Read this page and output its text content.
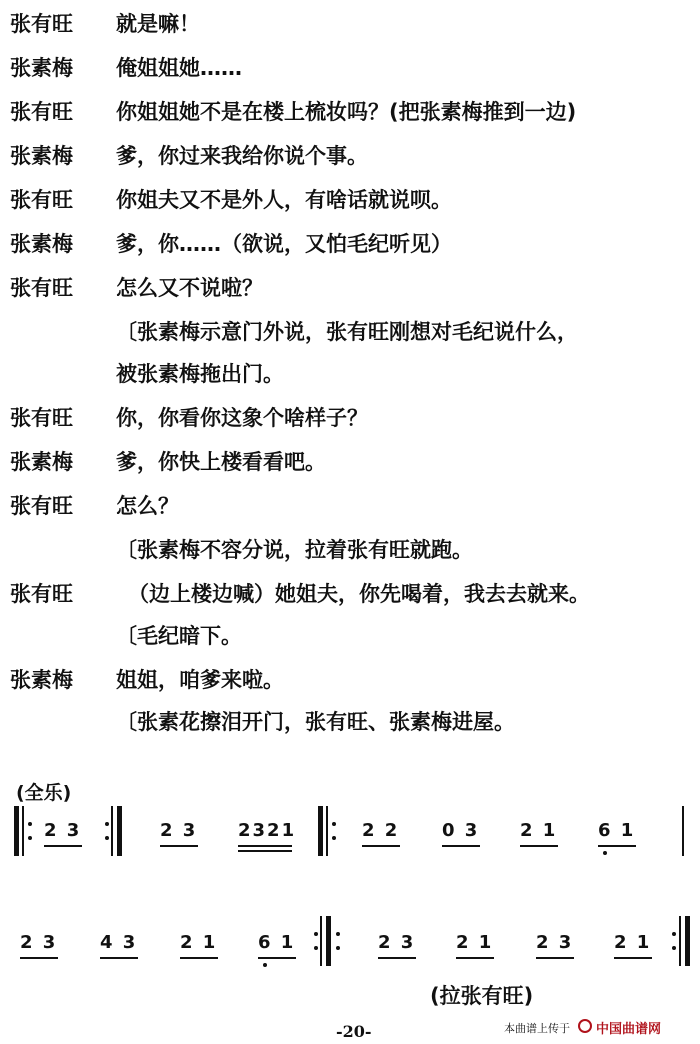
张有旺 就是嘛！
张素梅 俺姐姐她……
张有旺 你姐姐她不是在楼上梳妆吗？(把张素梅推到一边)
张素梅 爹，你过来我给你说个事。
张有旺 你姐夫又不是外人，有啥话就说呗。
张素梅 爹，你……（欲说，又怕毛纪听见）
张有旺 怎么又不说啦？
〔张素梅示意门外说，张有旺刚想对毛纪说什么，
被张素梅拖出门。
张有旺 你，你看你这象个啥样子？
张素梅 爹，你快上楼看看吧。
张有旺 怎么？
〔张素梅不容分说，拉着张有旺就跑。
张有旺	（边上楼边喊）她姐夫，你先喝着，我去去就来。
〔毛纪暗下。
张素梅 姐姐，咱爹来啦。
〔张素花擦泪开门，张有旺、张素梅进屋。
(全乐)
2 3	2 3 2321	2 2 0 3 2 1 6 1
2 3 4 3 2 1 6 1	2 3 2 1 2 3 2 1
(拉张有旺)
-20-	本曲谱上传于 中国曲谱网
